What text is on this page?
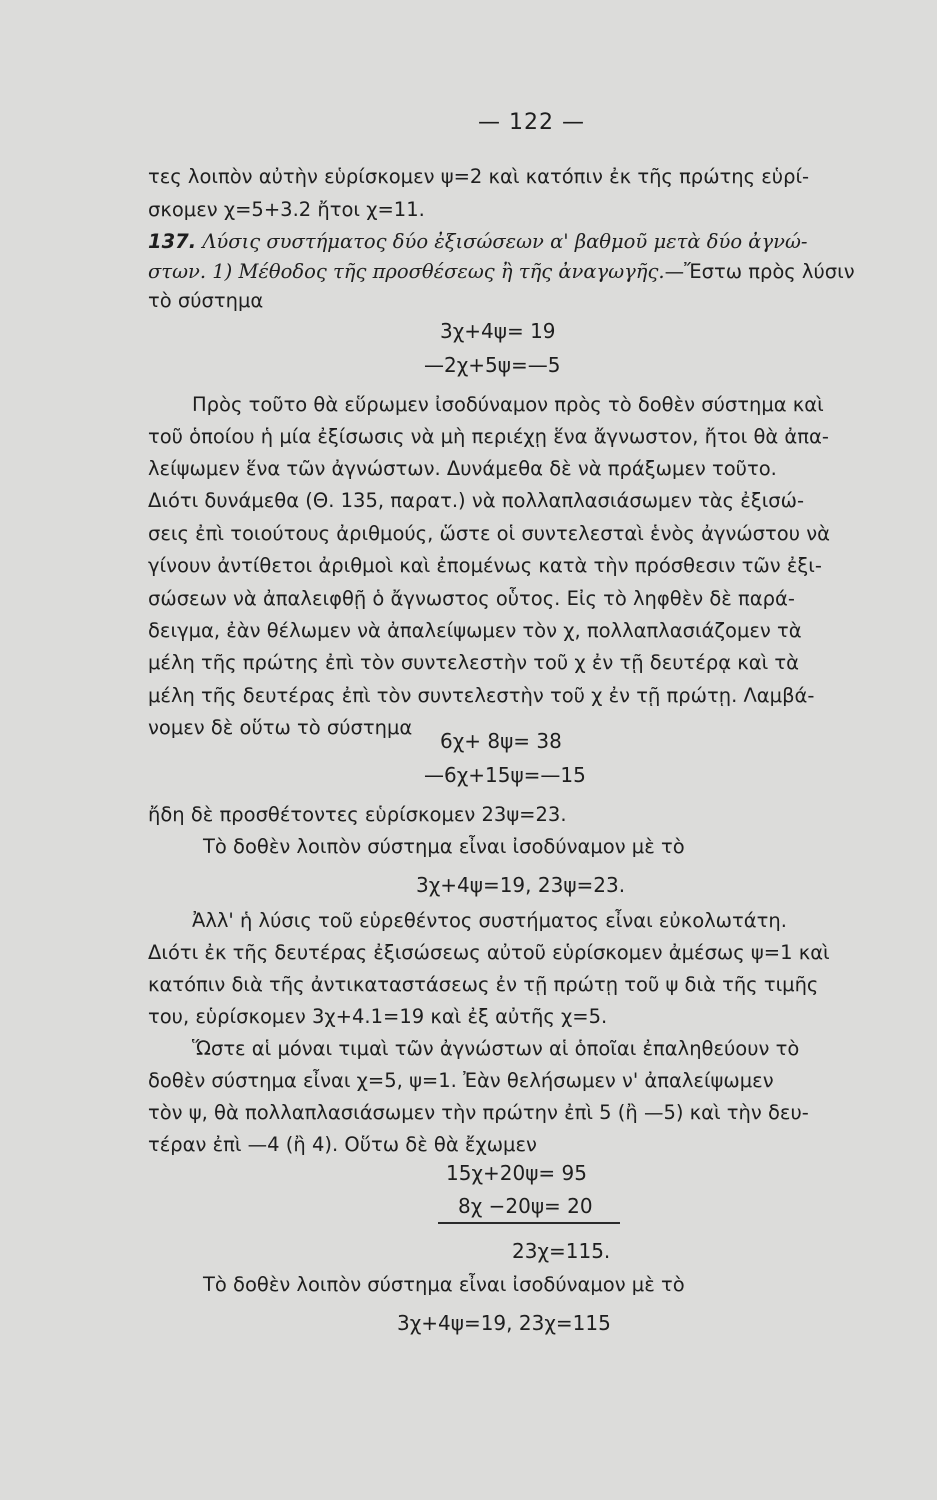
— 122 —
τες λοιπὸν αὐτὴν εὑρίσκομεν ψ=2 καὶ κατόπιν ἐκ τῆς πρώτης εὑρί-
σκομεν χ=5+3.2 ἤτοι χ=11.
137. Λύσις συστήματος δύο ἐξισώσεων α' βαθμοῦ μετὰ δύο ἀγνώ-
στων. 1) Μέθοδος τῆς προσθέσεως ἢ τῆς ἀναγωγῆς.—Ἔστω πρὸς λύσιν
τὸ σύστημα
3χ+4ψ= 19
—2χ+5ψ=—5
Πρὸς τοῦτο θὰ εὕρωμεν ἰσοδύναμον πρὸς τὸ δοθὲν σύστημα καὶ
τοῦ ὁποίου ἡ μία ἐξίσωσις νὰ μὴ περιέχῃ ἕνα ἄγνωστον, ἤτοι θὰ ἀπα-
λείψωμεν ἕνα τῶν ἀγνώστων. Δυνάμεθα δὲ νὰ πράξωμεν τοῦτο.
Διότι δυνάμεθα (Θ. 135, παρατ.) νὰ πολλαπλασιάσωμεν τὰς ἐξισώ-
σεις ἐπὶ τοιούτους ἀριθμούς, ὥστε οἱ συντελεσταὶ ἑνὸς ἀγνώστου νὰ
γίνουν ἀντίθετοι ἀριθμοὶ καὶ ἐπομένως κατὰ τὴν πρόσθεσιν τῶν ἐξι-
σώσεων νὰ ἀπαλειφθῇ ὁ ἄγνωστος οὗτος. Εἰς τὸ ληφθὲν δὲ παρά-
δειγμα, ἐὰν θέλωμεν νὰ ἀπαλείψωμεν τὸν χ, πολλαπλασιάζομεν τὰ
μέλη τῆς πρώτης ἐπὶ τὸν συντελεστὴν τοῦ χ ἐν τῇ δευτέρᾳ καὶ τὰ
μέλη τῆς δευτέρας ἐπὶ τὸν συντελεστὴν τοῦ χ ἐν τῇ πρώτῃ. Λαμβά-
νομεν δὲ οὕτω τὸ σύστημα
6χ+ 8ψ= 38
—6χ+15ψ=—15
ἤδη δὲ προσθέτοντες εὑρίσκομεν 23ψ=23.
Τὸ δοθὲν λοιπὸν σύστημα εἶναι ἰσοδύναμον μὲ τὸ
3χ+4ψ=19, 23ψ=23.
Ἀλλ' ἡ λύσις τοῦ εὑρεθέντος συστήματος εἶναι εὐκολωτάτη.
Διότι ἐκ τῆς δευτέρας ἐξισώσεως αὐτοῦ εὑρίσκομεν ἀμέσως ψ=1 καὶ
κατόπιν διὰ τῆς ἀντικαταστάσεως ἐν τῇ πρώτῃ τοῦ ψ διὰ τῆς τιμῆς
του, εὑρίσκομεν 3χ+4.1=19 καὶ ἐξ αὐτῆς χ=5.
Ὥστε αἱ μόναι τιμαὶ τῶν ἀγνώστων αἱ ὁποῖαι ἐπαληθεύουν τὸ
δοθὲν σύστημα εἶναι χ=5, ψ=1. Ἐὰν θελήσωμεν ν' ἀπαλείψωμεν
τὸν ψ, θὰ πολλαπλασιάσωμεν τὴν πρώτην ἐπὶ 5 (ἢ —5) καὶ τὴν δευ-
τέραν ἐπὶ —4 (ἢ 4). Οὕτω δὲ θὰ ἔχωμεν
15χ+20ψ= 95
8χ −20ψ= 20
23χ=115.
Τὸ δοθὲν λοιπὸν σύστημα εἶναι ἰσοδύναμον μὲ τὸ
3χ+4ψ=19, 23χ=115
